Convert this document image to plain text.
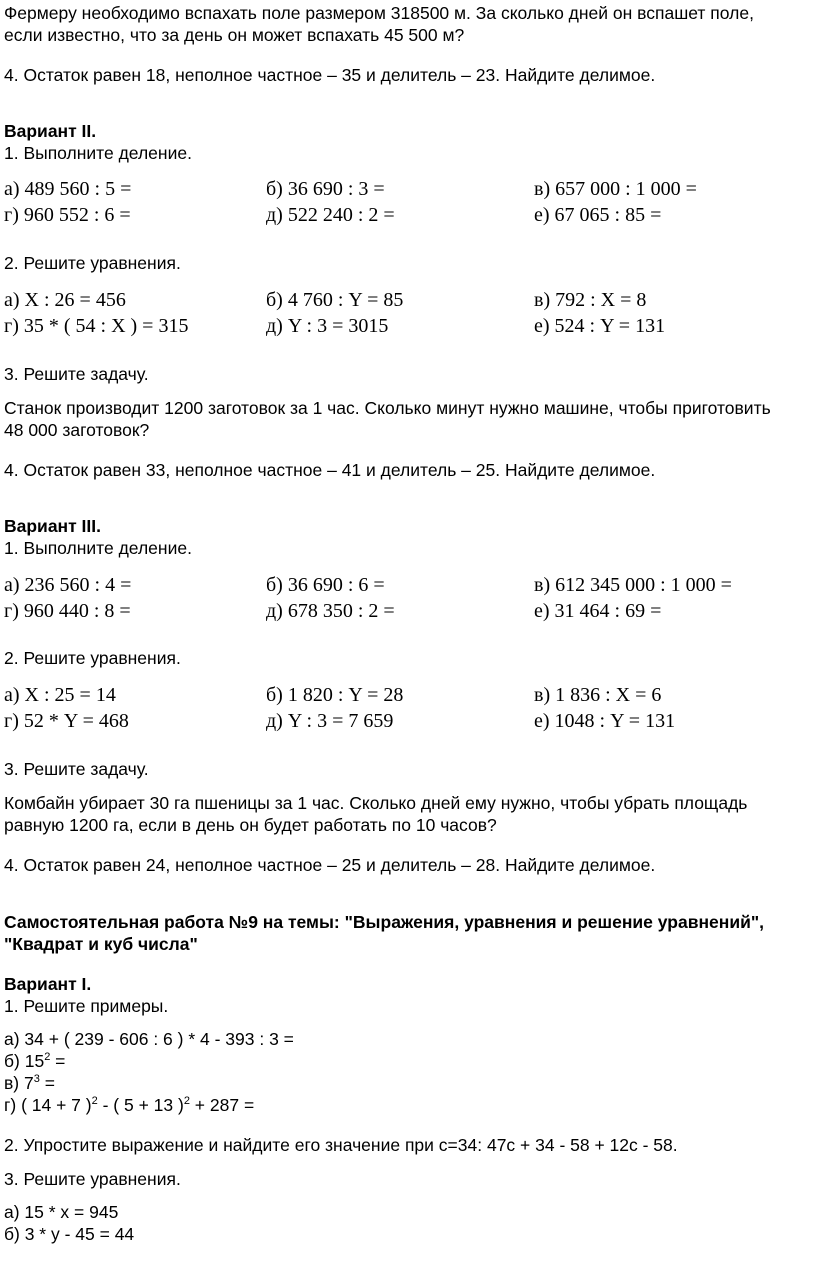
Фермеру необходимо вспахать поле размером 318500 м. За сколько дней он вспашет поле,
если известно, что за день он может вспахать 45 500 м?
4. Остаток равен 18, неполное частное – 35 и делитель – 23. Найдите делимое.
Вариант II.
1. Выполните деление.
а) 489 560 : 5 =	б) 36 690 : 3 =	в) 657 000 : 1 000 =
г) 960 552 : 6 =	д) 522 240 : 2 =	е) 67 065 : 85 =
2. Решите уравнения.
а) X : 26 = 456	б) 4 760 : Y = 85	в) 792 : X = 8
г) 35 * ( 54 : X ) = 315	д) Y : 3 = 3015	е) 524 : Y = 131
3. Решите задачу.
Станок производит 1200 заготовок за 1 час. Сколько минут нужно машине, чтобы приготовить
48 000 заготовок?
4. Остаток равен 33, неполное частное – 41 и делитель – 25. Найдите делимое.
Вариант III.
1. Выполните деление.
а) 236 560 : 4 =	б) 36 690 : 6 =	в) 612 345 000 : 1 000 =
г) 960 440 : 8 =	д) 678 350 : 2 =	е) 31 464 : 69 =
2. Решите уравнения.
а) X : 25 = 14	б) 1 820 : Y = 28	в) 1 836 : X = 6
г) 52 * Y = 468	д) Y : 3 = 7 659	е) 1048 : Y = 131
3. Решите задачу.
Комбайн убирает 30 га пшеницы за 1 час. Сколько дней ему нужно, чтобы убрать площадь
равную 1200 га, если в день он будет работать по 10 часов?
4. Остаток равен 24, неполное частное – 25 и делитель – 28. Найдите делимое.
Самостоятельная работа №9 на темы: "Выражения, уравнения и решение уравнений",
"Квадрат и куб числа"
Вариант I.
1. Решите примеры.
а) 34 + ( 239 - 606 : 6 ) * 4 - 393 : 3 =
б) $15^2$ =
в) $7^3$ =
г) ( 14 + 7 )$^2$ - ( 5 + 13 )$^2$ + 287 =
2. Упростите выражение и найдите его значение при с=34: 47с + 34 - 58 + 12с - 58.
3. Решите уравнения.
а) 15 * x = 945
б) 3 * у - 45 = 44
